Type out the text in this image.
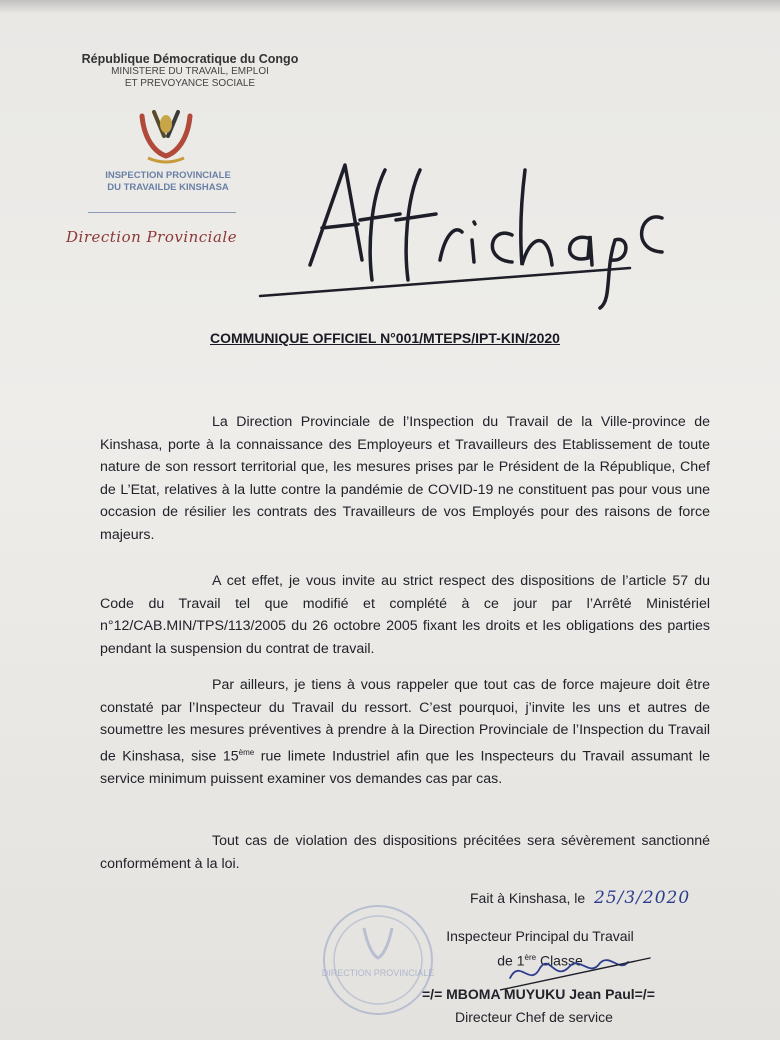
République Démocratique du Congo
MINISTERE DU TRAVAIL, EMPLOI
ET PREVOYANCE SOCIALE
INSPECTION PROVINCIALE
DU TRAVAILDE KINSHASA
Direction Provinciale
COMMUNIQUE OFFICIEL N°001/MTEPS/IPT-KIN/2020
La Direction Provinciale de l’Inspection du Travail de la Ville-province de Kinshasa, porte à la connaissance des Employeurs et Travailleurs des Etablissement de toute nature de son ressort territorial que, les mesures prises par le Président de la République, Chef de L’Etat, relatives à la lutte contre la pandémie de COVID-19 ne constituent pas pour vous une occasion de résilier les contrats des Travailleurs de vos Employés pour des raisons de force majeurs.
A cet effet, je vous invite au strict respect des dispositions de l’article 57 du Code du Travail tel que modifié et complété à ce jour par l’Arrêté Ministériel n°12/CAB.MIN/TPS/113/2005 du 26 octobre 2005 fixant les droits et les obligations des parties pendant la suspension du contrat de travail.
Par ailleurs, je tiens à vous rappeler que tout cas de force majeure doit être constaté par l’Inspecteur du Travail du ressort. C’est pourquoi, j’invite les uns et autres de soumettre les mesures préventives à prendre à la Direction Provinciale de l’Inspection du Travail de Kinshasa, sise 15ème rue limete Industriel afin que les Inspecteurs du Travail assumant le service minimum puissent examiner vos demandes cas par cas.
Tout cas de violation des dispositions précitées sera sévèrement sanctionné conformément à la loi.
Fait à Kinshasa, le 25/3/2020
DIRECTION PROVINCIALE
Inspecteur Principal du Travail
de 1ère Classe
=/= MBOMA MUYUKU Jean Paul=/=
Directeur Chef de service
